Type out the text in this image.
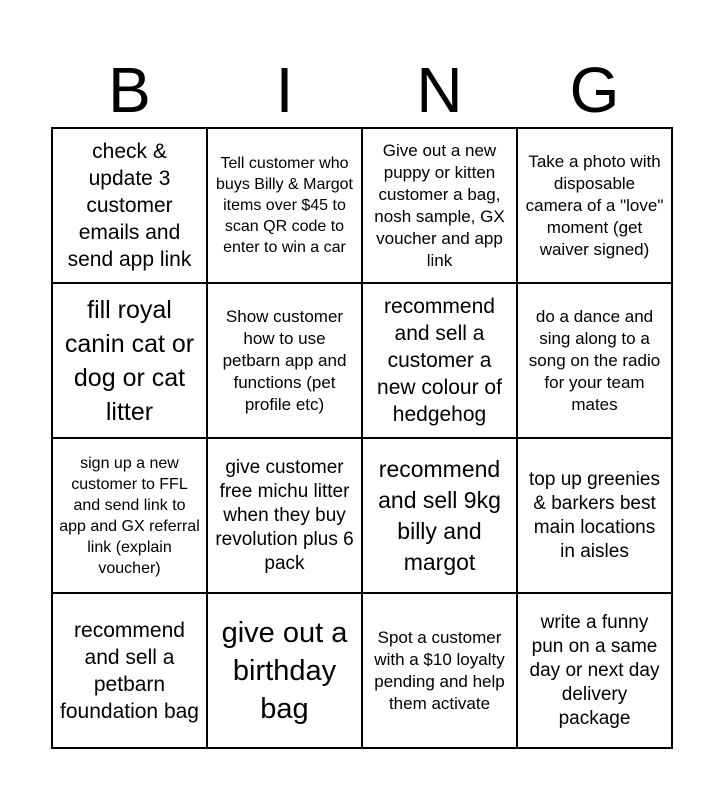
B	I	N	G
check & update 3 customer emails and send app link
Tell customer who buys Billy & Margot items over $45 to scan QR code to enter to win a car
Give out a new puppy or kitten customer a bag, nosh sample, GX voucher and app link
Take a photo with disposable camera of a "love" moment (get waiver signed)
fill royal canin cat or dog or cat litter
Show customer how to use petbarn app and functions (pet profile etc)
recommend and sell a customer a new colour of hedgehog
do a dance and sing along to a song on the radio for your team mates
sign up a new customer to FFL and send link to app and GX referral link (explain voucher)
give customer free michu litter when they buy revolution plus 6 pack
recommend and sell 9kg billy and margot
top up greenies & barkers best main locations in aisles
recommend and sell a petbarn foundation bag
give out a birthday bag
Spot a customer with a $10 loyalty pending and help them activate
write a funny pun on a same day or next day delivery package
